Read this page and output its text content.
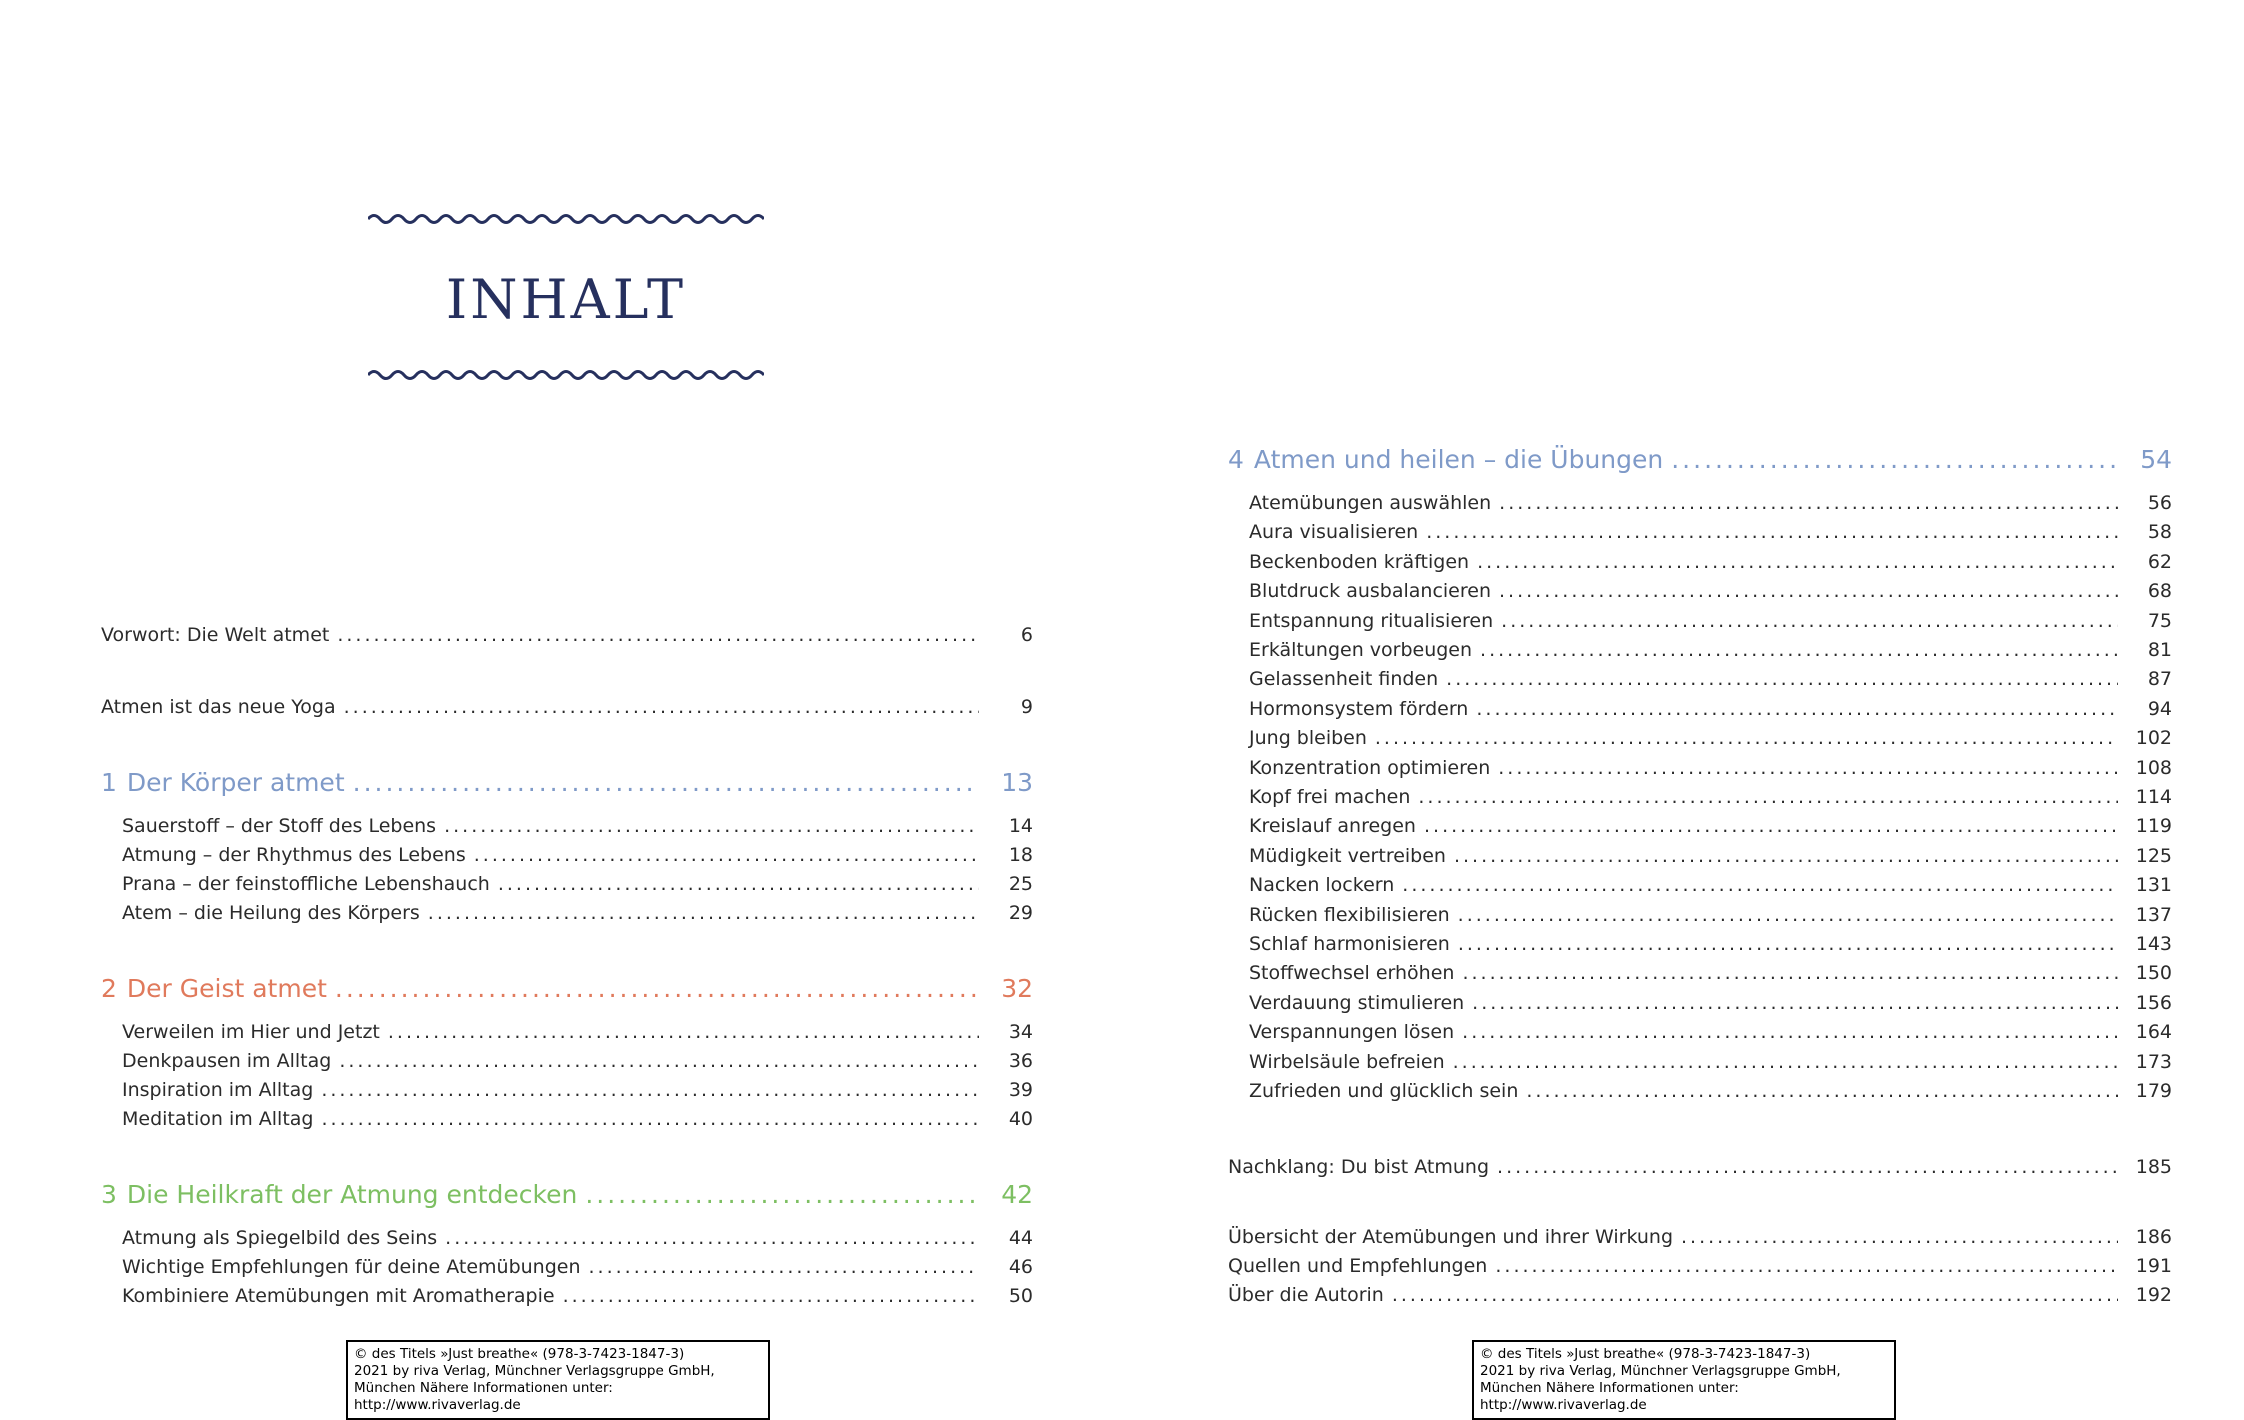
INHALT
Vorwort: Die Welt atmet .....	6
Atmen ist das neue Yoga .....	9
1 Der Körper atmet .....	13
Sauerstoff – der Stoff des Lebens .....	14
Atmung – der Rhythmus des Lebens .....	18
Prana – der feinstoffliche Lebenshauch .....	25
Atem – die Heilung des Körpers .....	29
2 Der Geist atmet .....	32
Verweilen im Hier und Jetzt .....	34
Denkpausen im Alltag .....	36
Inspiration im Alltag .....	39
Meditation im Alltag .....	40
3 Die Heilkraft der Atmung entdecken .....	42
Atmung als Spiegelbild des Seins .....	44
Wichtige Empfehlungen für deine Atemübungen .....	46
Kombiniere Atemübungen mit Aromatherapie .....	50
© des Titels »Just breathe« (978-3-7423-1847-3)
2021 by riva Verlag, Münchner Verlagsgruppe GmbH,
München Nähere Informationen unter: http://www.rivaverlag.de
4 Atmen und heilen – die Übungen .....	54
Atemübungen auswählen .....	56
Aura visualisieren .....	58
Beckenboden kräftigen .....	62
Blutdruck ausbalancieren .....	68
Entspannung ritualisieren .....	75
Erkältungen vorbeugen .....	81
Gelassenheit finden .....	87
Hormonsystem fördern .....	94
Jung bleiben .....	102
Konzentration optimieren .....	108
Kopf frei machen .....	114
Kreislauf anregen .....	119
Müdigkeit vertreiben .....	125
Nacken lockern .....	131
Rücken flexibilisieren .....	137
Schlaf harmonisieren .....	143
Stoffwechsel erhöhen .....	150
Verdauung stimulieren .....	156
Verspannungen lösen .....	164
Wirbelsäule befreien .....	173
Zufrieden und glücklich sein .....	179
Nachklang: Du bist Atmung .....	185
Übersicht der Atemübungen und ihrer Wirkung .....	186
Quellen und Empfehlungen .....	191
Über die Autorin .....	192
© des Titels »Just breathe« (978-3-7423-1847-3)
2021 by riva Verlag, Münchner Verlagsgruppe GmbH,
München Nähere Informationen unter: http://www.rivaverlag.de
